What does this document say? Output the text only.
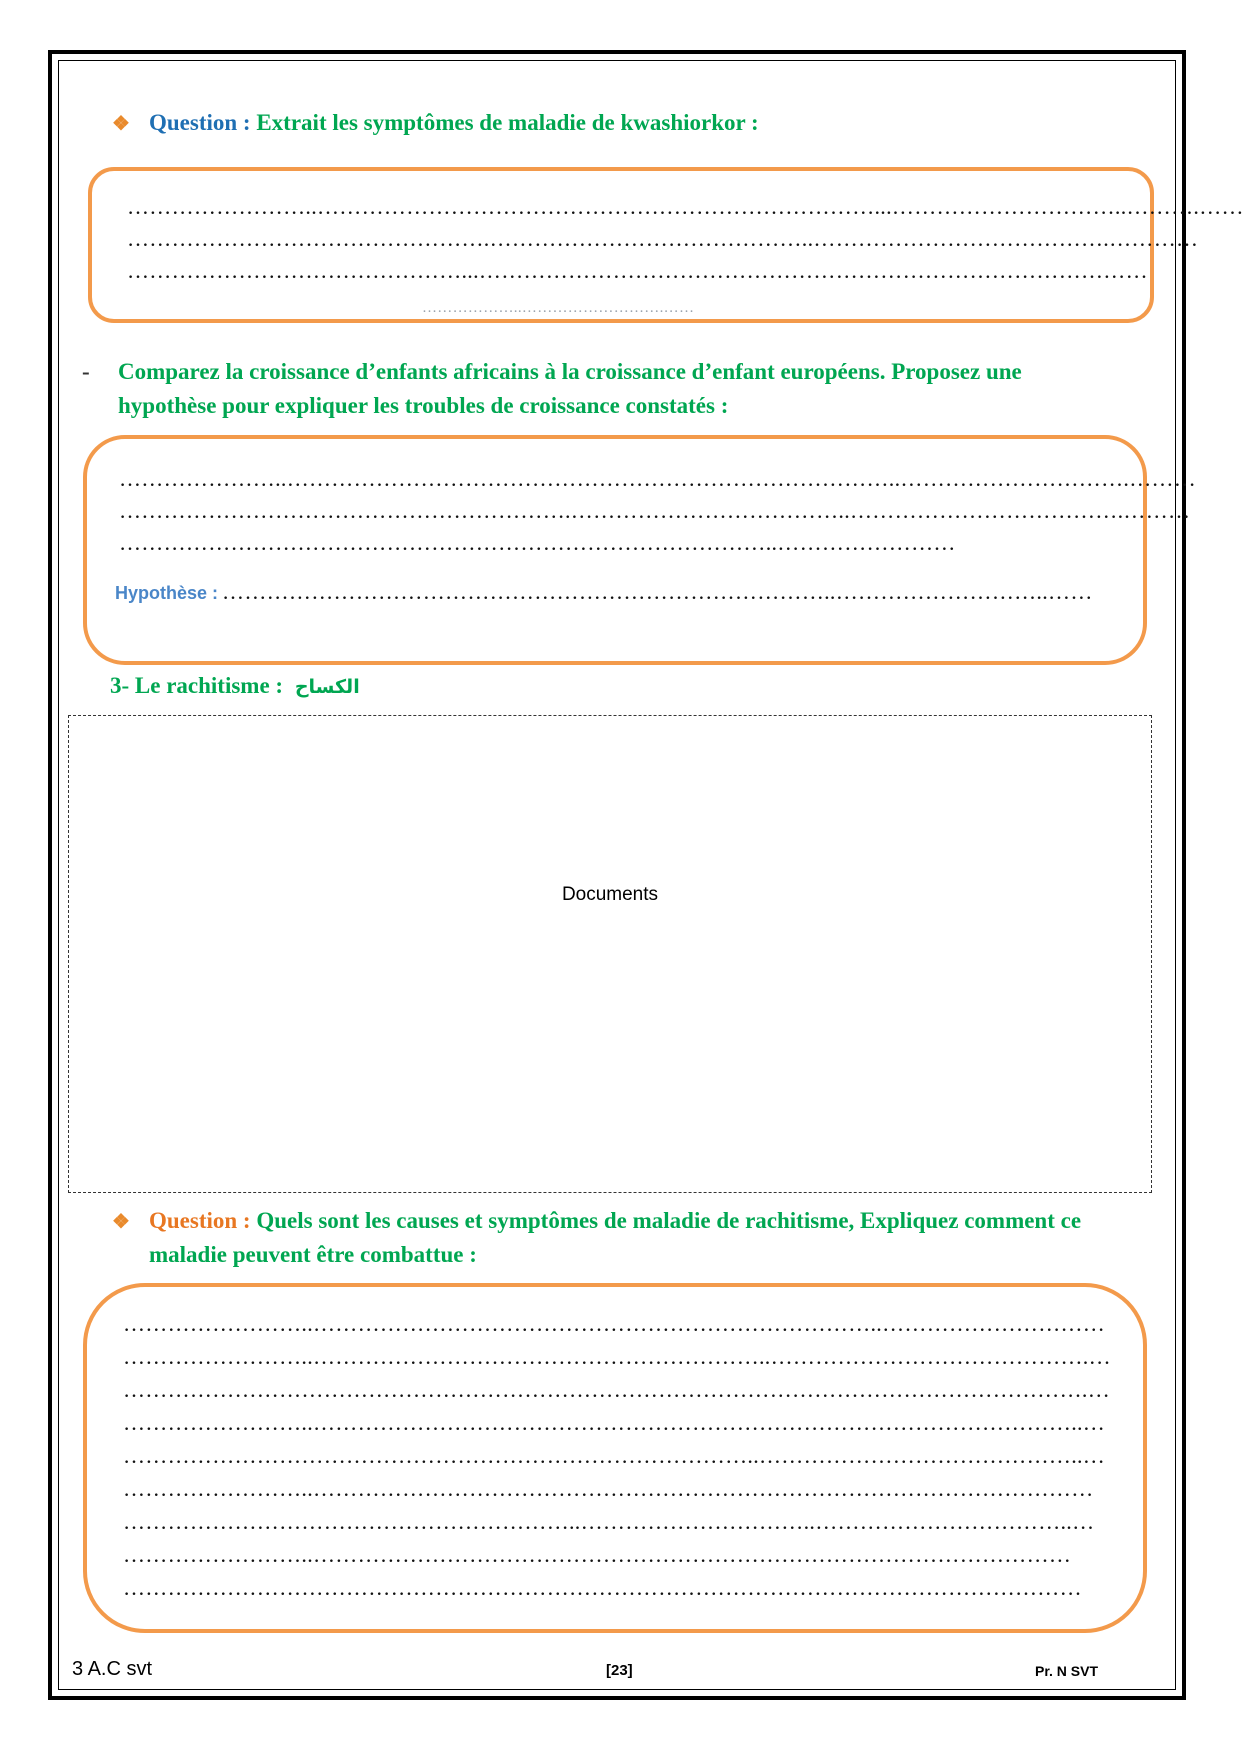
❖ Question : Extrait les symptômes de maladie de kwashiorkor :
……………………..…………………………………………………………………...…………………………..……….……
………………………………………….……………………………………..………………………………….…………
………………………………………...………………………………………………………………………………
………………..……………………….……
- Comparez la croissance d’enfants africains à la croissance d’enfant européens. Proposez une
hypothèse pour expliquer les troubles de croissance constatés :
…………………..………………………………………………………………………..………………………….………
…………………………………………………….………………………………..……………………………….………
……………………………………………………………………………..……………………
Hypothèse : ………………………………………………………………………..………………………..……
3- Le rachitisme : الكساح
Documents
❖ Question : Quels sont les causes et symptômes de maladie de rachitisme, Expliquez comment ce
maladie peuvent être combattue :
……………………..…………………………………………………………………..…………………………
……………………..……………………………………………………..…………………………………….…
………………………………………………………………………………………………………………….…
……………………..…………………………………………………………………………………………..…
…………………………………………………………………………..……………………………………..…
……………………..……………………………………………………………………………………………
……………………………………………………..…………………………..……………………………..…
……………………..…………………………………………………………………………………………
…………………………………………………………………………………………………………………
3 A.C svt	[23]	Pr. N SVT
